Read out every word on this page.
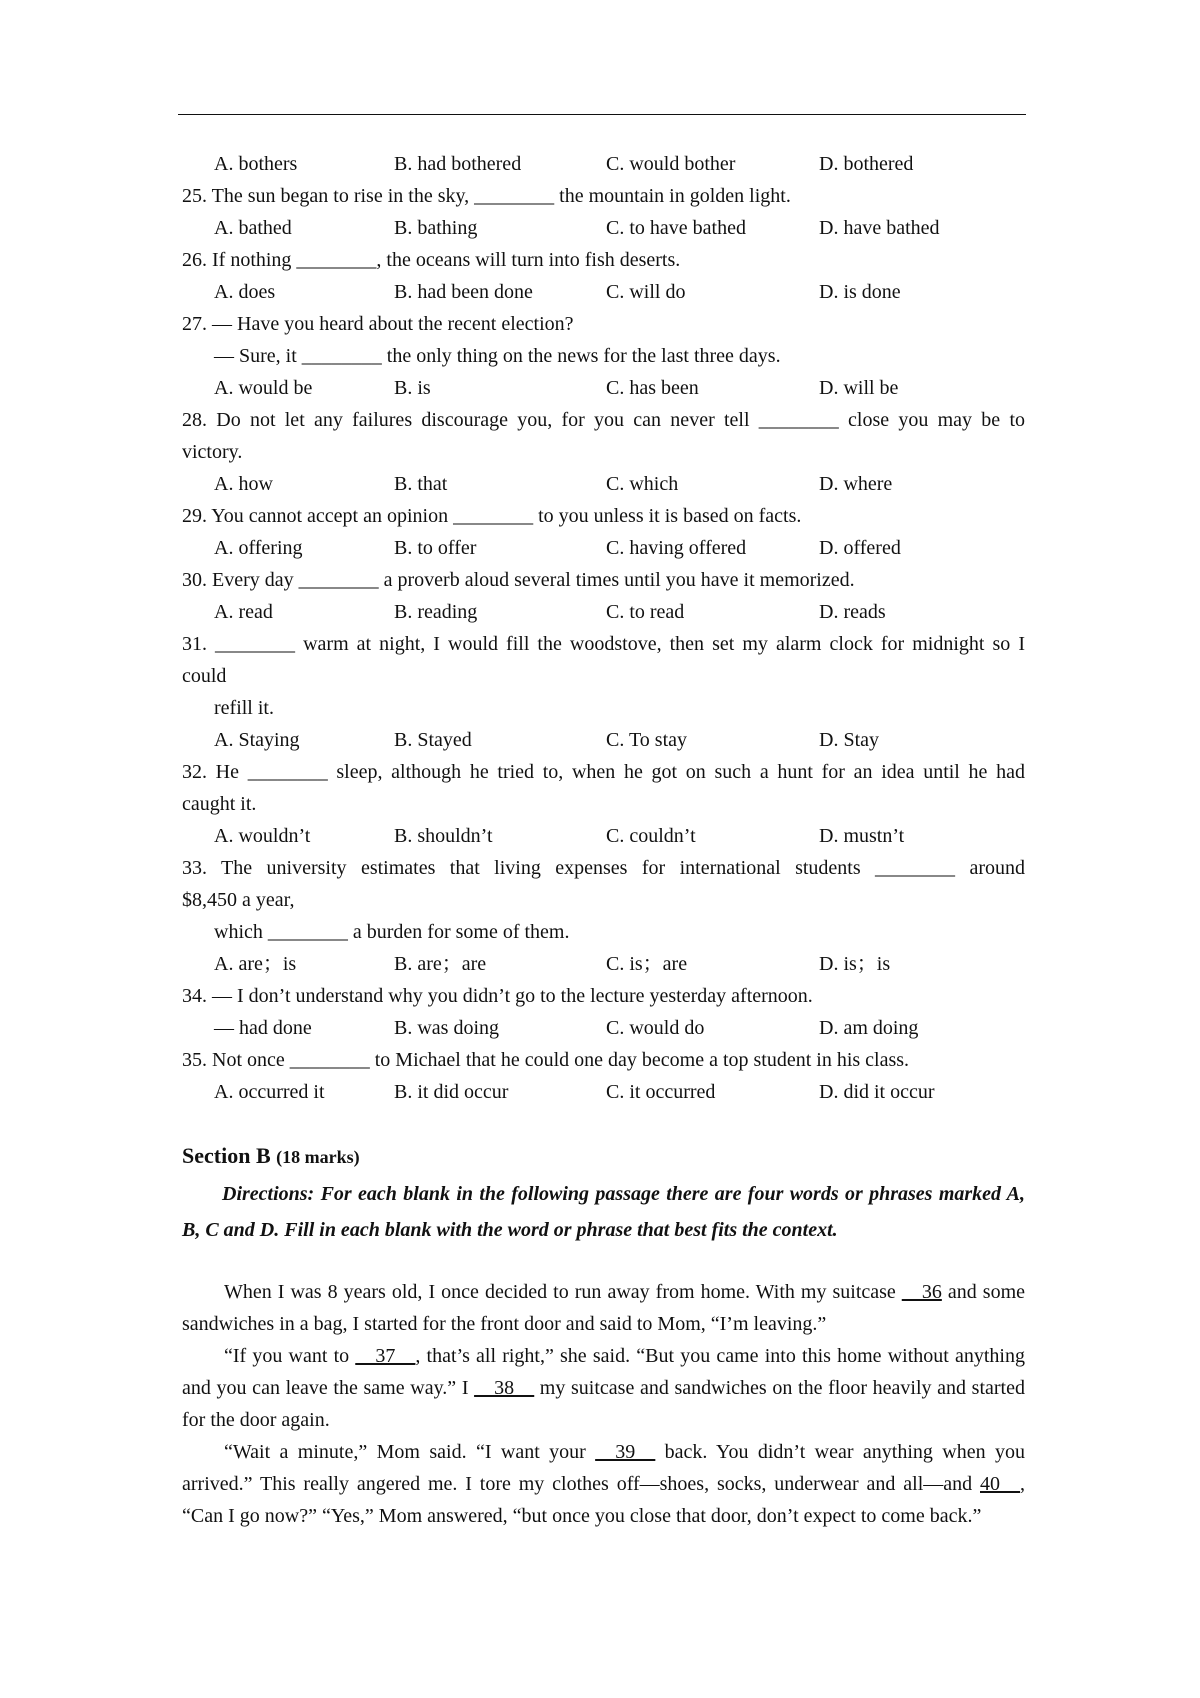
A. bothers	B. had bothered	C. would bother	D. bothered
25. The sun began to rise in the sky, ________ the mountain in golden light.
A. bathed	B. bathing	C. to have bathed	D. have bathed
26. If nothing ________, the oceans will turn into fish deserts.
A. does	B. had been done	C. will do	D. is done
27. — Have you heard about the recent election?
— Sure, it ________ the only thing on the news for the last three days.
A. would be	B. is	C. has been	D. will be
28. Do not let any failures discourage you, for you can never tell ________ close you may be to
victory.
A. how	B. that	C. which	D. where
29. You cannot accept an opinion ________ to you unless it is based on facts.
A. offering	B. to offer	C. having offered	D. offered
30. Every day ________ a proverb aloud several times until you have it memorized.
A. read	B. reading	C. to read	D. reads
31. ________ warm at night, I would fill the woodstove, then set my alarm clock for midnight so I
could
refill it.
A. Staying	B. Stayed	C. To stay	D. Stay
32. He ________ sleep, although he tried to, when he got on such a hunt for an idea until he had
caught it.
A. wouldn’t	B. shouldn’t	C. couldn’t	D. mustn’t
33. The university estimates that living expenses for international students ________ around
$8,450 a year,
which ________ a burden for some of them.
A. are；is	B. are；are	C. is；are	D. is；is
34. — I don’t understand why you didn’t go to the lecture yesterday afternoon.
— had done	B. was doing	C. would do	D. am doing
35. Not once ________ to Michael that he could one day become a top student in his class.
A. occurred it	B. it did occur	C. it occurred	D. did it occur
Section B (18 marks)
Directions: For each blank in the following passage there are four words or phrases marked A, B, C and D. Fill in each blank with the word or phrase that best fits the context.

When I was 8 years old, I once decided to run away from home. With my suitcase __36 and some sandwiches in a bag, I started for the front door and said to Mom, “I’m leaving.”

“If you want to __37__, that’s all right,” she said. “But you came into this home without anything and you can leave the same way.” I __38__ my suitcase and sandwiches on the floor heavily and started for the door again.

“Wait a minute,” Mom said. “I want your __39__ back. You didn’t wear anything when you arrived.” This really angered me. I tore my clothes off—shoes, socks, underwear and all—and 40__, “Can I go now?” “Yes,” Mom answered, “but once you close that door, don’t expect to come back.”
